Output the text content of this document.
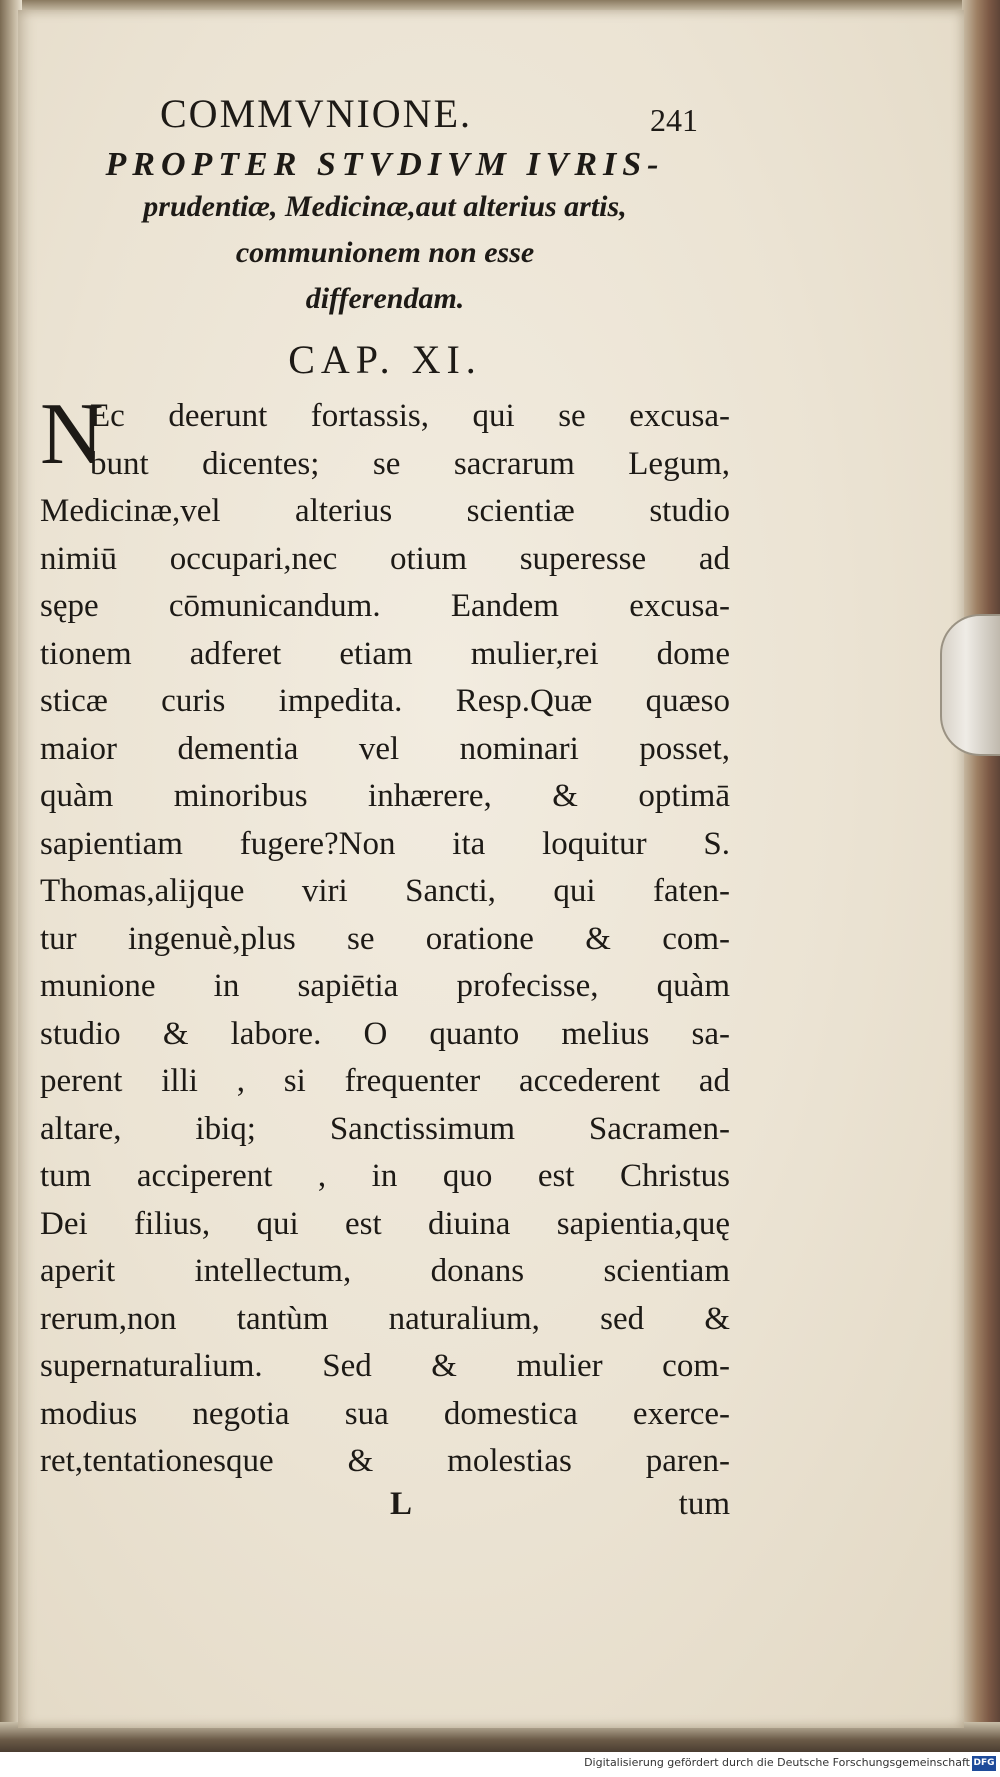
COMMVNIONE.	241
PROPTER STVDIVM IVRIS-
prudentiæ, Medicinæ,aut alterius artis,
communionem non esse
differendam.
CAP. XI.
N
Ec deerunt fortassis, qui se excusa-
bunt dicentes; se sacrarum Legum,
Medicinæ,vel alterius scientiæ studio
nimiū occupari,nec otium superesse ad
sępe cōmunicandum. Eandem excusa-
tionem adferet etiam mulier,rei dome
sticæ curis impedita. Resp.Quæ quæso
maior dementia vel nominari posset,
quàm minoribus inhærere, & optimā
sapientiam fugere?Non ita loquitur S.
Thomas,alijque viri Sancti, qui faten-
tur ingenuè,plus se oratione & com-
munione in sapiētia profecisse, quàm
studio & labore. O quanto melius sa-
perent illi , si frequenter accederent ad
altare, ibiq; Sanctissimum Sacramen-
tum acciperent , in quo est Christus
Dei filius, qui est diuina sapientia,quę
aperit intellectum, donans scientiam
rerum,non tantùm naturalium, sed &
supernaturalium. Sed & mulier com-
modius negotia sua domestica exerce-
ret,tentationesque & molestias paren-
L	tum
Digitalisierung gefördert durch die Deutsche Forschungsgemeinschaft DFG
